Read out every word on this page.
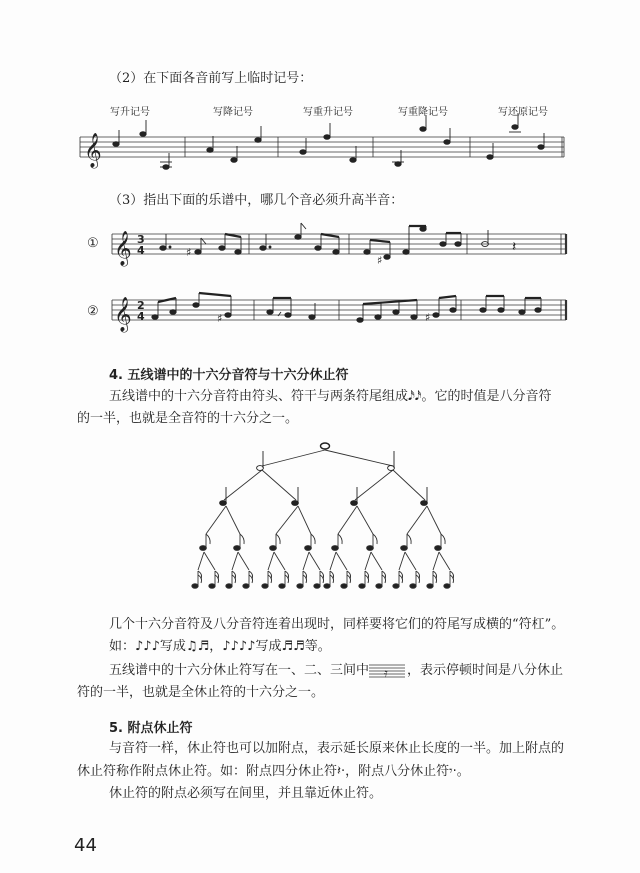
（2）在下面各音前写上临时记号：
写升记号	写降记号	写重升记号	写重降记号	写还原记号
𝄞
（3）指出下面的乐谱中，哪几个音必须升高半音：
①
②
𝄞 3
4	♯
♯
𝄽
𝄞 2
4	♯	♯
4. 五线谱中的十六分音符与十六分休止符
五线谱中的十六分音符由符头、符干与两条符尾组成𝅘𝅥𝅯𝅘𝅥𝅯。它的时值是八分音符
的一半，也就是全音符的十六分之一。
几个十六分音符及八分音符连着出现时，同样要将它们的符尾写成横的“符杠”。
如：♪♪♪写成♫♬，♪♪♪♪写成♬♬等。
五线谱中的十六分休止符写在一、二、三间中 𝄿 ，表示停顿时间是八分休止
符的一半，也就是全休止符的十六分之一。
5. 附点休止符
与音符一样，休止符也可以加附点，表示延长原来休止长度的一半。加上附点的
休止符称作附点休止符。如：附点四分休止符𝄽·，附点八分休止符𝄾·。
休止符的附点必须写在间里，并且靠近休止符。
44
